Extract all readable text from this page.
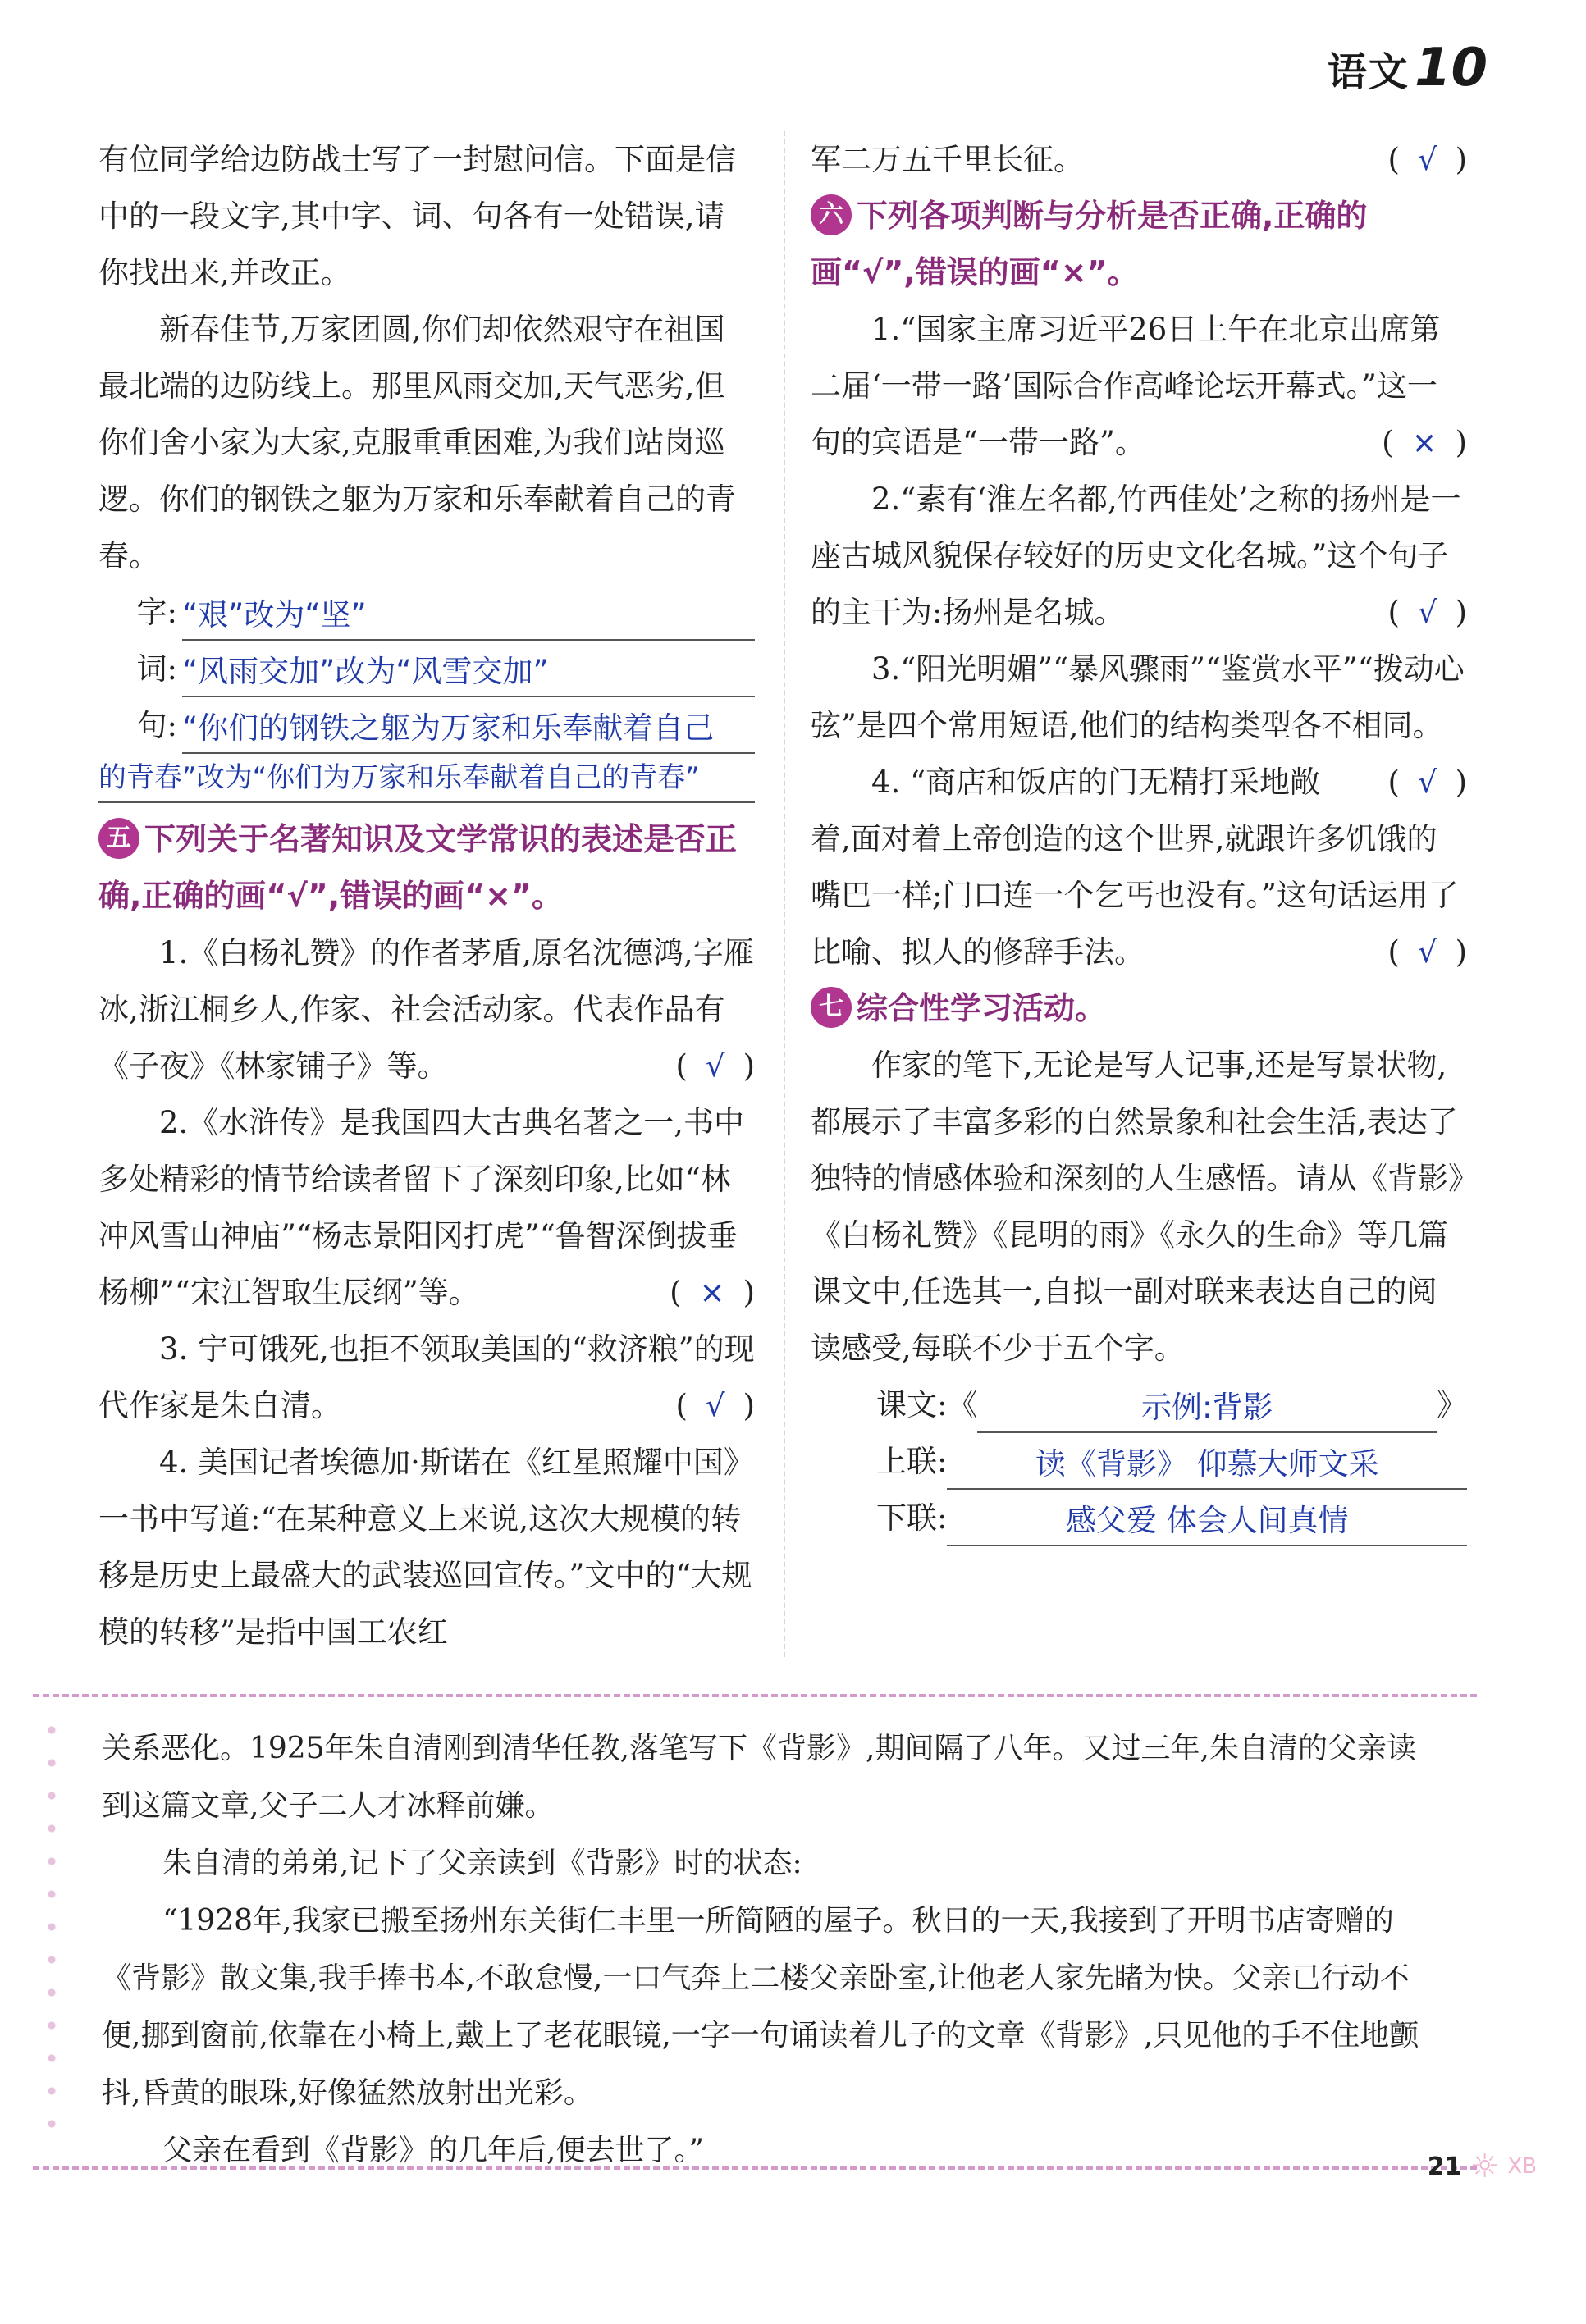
语文 10

有位同学给边防战士写了一封慰问信。下面是信中的一段文字,其中字、词、句各有一处错误,请你找出来,并改正。

新春佳节,万家团圆,你们却依然艰守在祖国最北端的边防线上。那里风雨交加,天气恶劣,但你们舍小家为大家,克服重重困难,为我们站岗巡逻。你们的钢铁之躯为万家和乐奉献着自己的青春。

字: “艰”改为“坚”
词: “风雨交加”改为“风雪交加”
句: “你们的钢铁之躯为万家和乐奉献着自己
的青春”改为“你们为万家和乐奉献着自己的青春”
五 下列关于名著知识及文学常识的表述是否正确,正确的画“√”,错误的画“×”。

1.《白杨礼赞》的作者茅盾,原名沈德鸿,字雁冰,浙江桐乡人,作家、社会活动家。代表作品有《子夜》《林家铺子》等。	( √ )

2.《水浒传》是我国四大古典名著之一,书中多处精彩的情节给读者留下了深刻印象,比如“林冲风雪山神庙”“杨志景阳冈打虎”“鲁智深倒拔垂杨柳”“宋江智取生辰纲”等。	( × )

3. 宁可饿死,也拒不领取美国的“救济粮”的现代作家是朱自清。	( √ )

4. 美国记者埃德加·斯诺在《红星照耀中国》一书中写道:“在某种意义上来说,这次大规模的转移是历史上最盛大的武装巡回宣传。”文中的“大规模的转移”是指中国工农红

军二万五千里长征。	( √ )

六 下列各项判断与分析是否正确,正确的画“√”,错误的画“×”。

1.“国家主席习近平26日上午在北京出席第二届‘一带一路’国际合作高峰论坛开幕式。”这一句的宾语是“一带一路”。	( × )

2.“素有‘淮左名都,竹西佳处’之称的扬州是一座古城风貌保存较好的历史文化名城。”这个句子的主干为:扬州是名城。	( √ )

3.“阳光明媚”“暴风骤雨”“鉴赏水平”“拨动心弦”是四个常用短语,他们的结构类型各不相同。
( √ )

4. “商店和饭店的门无精打采地敞着,面对着上帝创造的这个世界,就跟许多饥饿的嘴巴一样;门口连一个乞丐也没有。”这句话运用了比喻、拟人的修辞手法。	( √ )

七 综合性学习活动。

作家的笔下,无论是写人记事,还是写景状物,都展示了丰富多彩的自然景象和社会生活,表达了独特的情感体验和深刻的人生感悟。请从《背影》《白杨礼赞》《昆明的雨》《永久的生命》等几篇课文中,任选其一,自拟一副对联来表达自己的阅读感受,每联不少于五个字。

课文:《	示例:背影	》
上联:	读《背影》 仰慕大师文采
下联:	感父爱 体会人间真情

关系恶化。1925年朱自清刚到清华任教,落笔写下《背影》,期间隔了八年。又过三年,朱自清的父亲读到这篇文章,父子二人才冰释前嫌。

朱自清的弟弟,记下了父亲读到《背影》时的状态:

“1928年,我家已搬至扬州东关街仁丰里一所简陋的屋子。秋日的一天,我接到了开明书店寄赠的《背影》散文集,我手捧书本,不敢怠慢,一口气奔上二楼父亲卧室,让他老人家先睹为快。父亲已行动不便,挪到窗前,依靠在小椅上,戴上了老花眼镜,一字一句诵读着儿子的文章《背影》,只见他的手不住地颤抖,昏黄的眼珠,好像猛然放射出光彩。

父亲在看到《背影》的几年后,便去世了。”	21 ☼ XB
